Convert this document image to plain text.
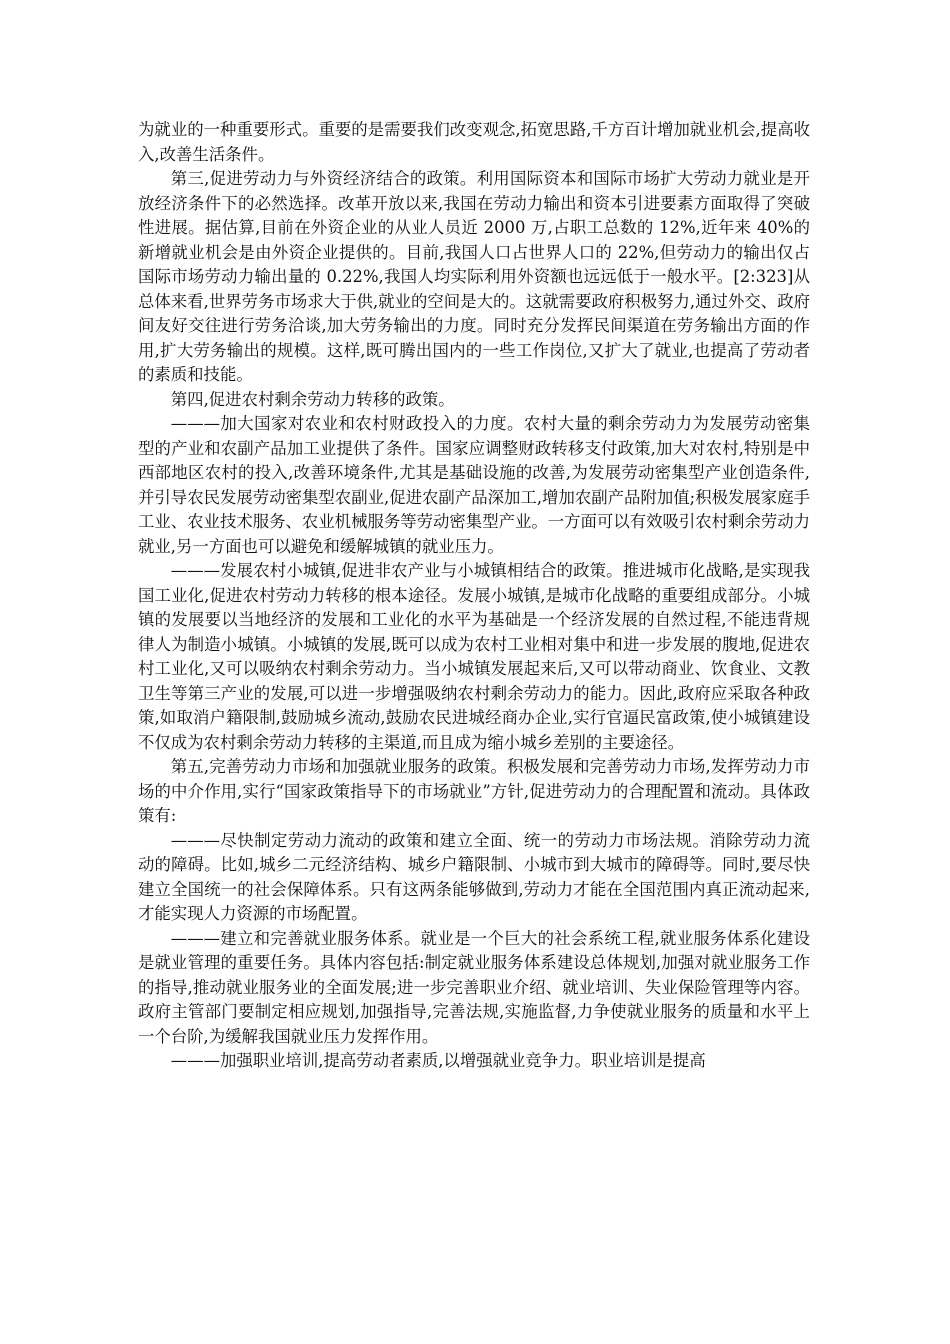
为就业的一种重要形式。重要的是需要我们改变观念,拓宽思路,千方百计增加就业机会,提高收入,改善生活条件。

第三,促进劳动力与外资经济结合的政策。利用国际资本和国际市场扩大劳动力就业是开放经济条件下的必然选择。改革开放以来,我国在劳动力输出和资本引进要素方面取得了突破性进展。据估算,目前在外资企业的从业人员近 2000 万,占职工总数的 12%,近年来 40%的新增就业机会是由外资企业提供的。目前,我国人口占世界人口的 22%,但劳动力的输出仅占国际市场劳动力输出量的 0.22%,我国人均实际利用外资额也远远低于一般水平。[2:323]从总体来看,世界劳务市场求大于供,就业的空间是大的。这就需要政府积极努力,通过外交、政府间友好交往进行劳务洽谈,加大劳务输出的力度。同时充分发挥民间渠道在劳务输出方面的作用,扩大劳务输出的规模。这样,既可腾出国内的一些工作岗位,又扩大了就业,也提高了劳动者的素质和技能。

第四,促进农村剩余劳动力转移的政策。

———加大国家对农业和农村财政投入的力度。农村大量的剩余劳动力为发展劳动密集型的产业和农副产品加工业提供了条件。国家应调整财政转移支付政策,加大对农村,特别是中西部地区农村的投入,改善环境条件,尤其是基础设施的改善,为发展劳动密集型产业创造条件,并引导农民发展劳动密集型农副业,促进农副产品深加工,增加农副产品附加值;积极发展家庭手工业、农业技术服务、农业机械服务等劳动密集型产业。一方面可以有效吸引农村剩余劳动力就业,另一方面也可以避免和缓解城镇的就业压力。

———发展农村小城镇,促进非农产业与小城镇相结合的政策。推进城市化战略,是实现我国工业化,促进农村劳动力转移的根本途径。发展小城镇,是城市化战略的重要组成部分。小城镇的发展要以当地经济的发展和工业化的水平为基础是一个经济发展的自然过程,不能违背规律人为制造小城镇。小城镇的发展,既可以成为农村工业相对集中和进一步发展的腹地,促进农村工业化,又可以吸纳农村剩余劳动力。当小城镇发展起来后,又可以带动商业、饮食业、文教卫生等第三产业的发展,可以进一步增强吸纳农村剩余劳动力的能力。因此,政府应采取各种政策,如取消户籍限制,鼓励城乡流动,鼓励农民进城经商办企业,实行官逼民富政策,使小城镇建设不仅成为农村剩余劳动力转移的主渠道,而且成为缩小城乡差别的主要途径。

第五,完善劳动力市场和加强就业服务的政策。积极发展和完善劳动力市场,发挥劳动力市场的中介作用,实行“国家政策指导下的市场就业”方针,促进劳动力的合理配置和流动。具体政策有:

———尽快制定劳动力流动的政策和建立全面、统一的劳动力市场法规。消除劳动力流动的障碍。比如,城乡二元经济结构、城乡户籍限制、小城市到大城市的障碍等。同时,要尽快建立全国统一的社会保障体系。只有这两条能够做到,劳动力才能在全国范围内真正流动起来,才能实现人力资源的市场配置。

———建立和完善就业服务体系。就业是一个巨大的社会系统工程,就业服务体系化建设是就业管理的重要任务。具体内容包括:制定就业服务体系建设总体规划,加强对就业服务工作的指导,推动就业服务业的全面发展;进一步完善职业介绍、就业培训、失业保险管理等内容。政府主管部门要制定相应规划,加强指导,完善法规,实施监督,力争使就业服务的质量和水平上一个台阶,为缓解我国就业压力发挥作用。

———加强职业培训,提高劳动者素质,以增强就业竞争力。职业培训是提高
